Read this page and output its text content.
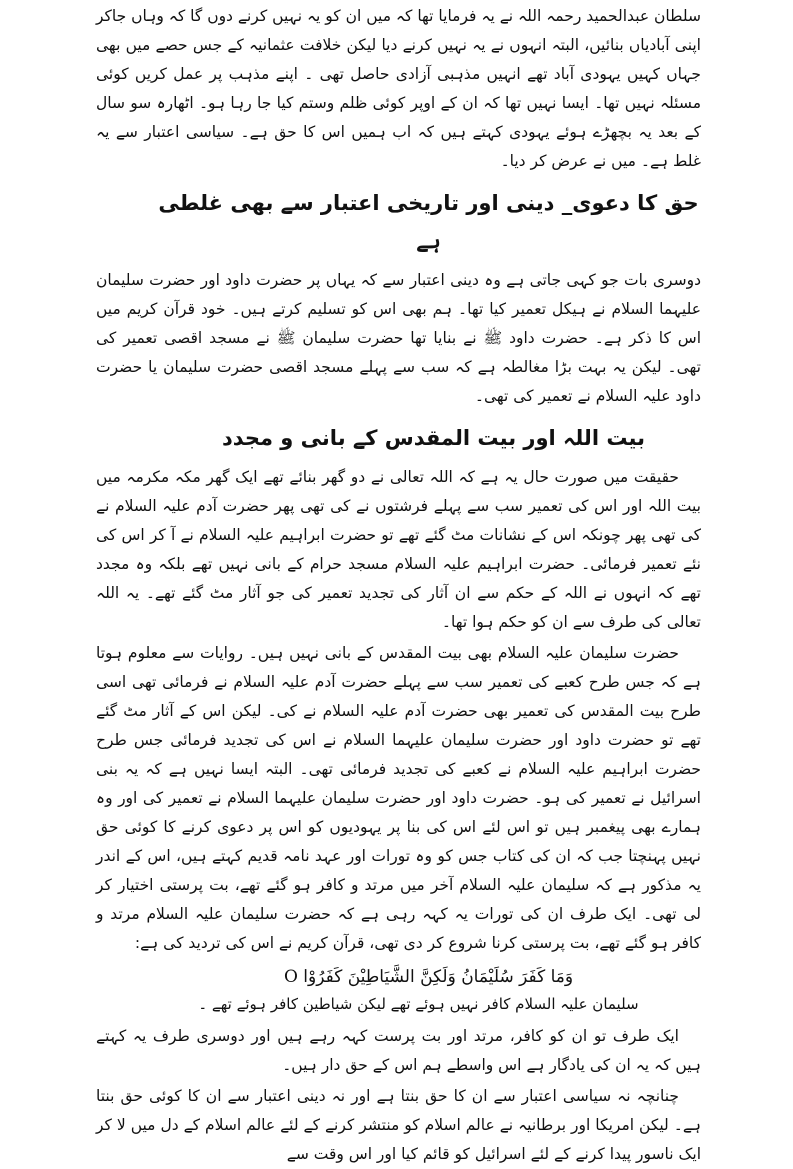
سلطان عبدالحمید رحمہ اللہ نے یہ فرمایا تھا کہ میں ان کو یہ نہیں کرنے دوں گا کہ وہاں جاکر اپنی آبادیاں بنائیں، البتہ انہوں نے یہ نہیں کرنے دیا لیکن خلافت عثمانیہ کے جس حصے میں بھی جہاں کہیں یہودی آباد تھے انہیں مذہبی آزادی حاصل تھی ۔ اپنے مذہب پر عمل کریں کوئی مسئلہ نہیں تھا۔ ایسا نہیں تھا کہ ان کے اوپر کوئی ظلم وستم کیا جا رہا ہو۔ اٹھارہ سو سال کے بعد یہ بچھڑے ہوئے یہودی کہتے ہیں کہ اب ہمیں اس کا حق ہے۔ سیاسی اعتبار سے یہ غلط ہے۔ میں نے عرض کر دیا۔

حق کا دعوی_ دینی اور تاریخی اعتبار سے بھی غلطی ہے

دوسری بات جو کہی جاتی ہے وہ دینی اعتبار سے کہ یہاں پر حضرت داود اور حضرت سلیمان علیہما السلام نے ہیکل تعمیر کیا تھا۔ ہم بھی اس کو تسلیم کرتے ہیں۔ خود قرآن کریم میں اس کا ذکر ہے۔ حضرت داود ﷺ نے بنایا تھا حضرت سلیمان ﷺ نے مسجد اقصی تعمیر کی تھی۔ لیکن یہ بہت بڑا مغالطہ ہے کہ سب سے پہلے مسجد اقصی حضرت سلیمان یا حضرت داود علیہ السلام نے تعمیر کی تھی۔

بیت اللہ اور بیت المقدس کے بانی و مجدد

حقیقت میں صورت حال یہ ہے کہ اللہ تعالی نے دو گھر بنائے تھے ایک گھر مکہ مکرمہ میں بیت اللہ اور اس کی تعمیر سب سے پہلے فرشتوں نے کی تھی پھر حضرت آدم علیہ السلام نے کی تھی پھر چونکہ اس کے نشانات مٹ گئے تھے تو حضرت ابراہیم علیہ السلام نے آ کر اس کی نئے تعمیر فرمائی۔ حضرت ابراہیم علیہ السلام مسجد حرام کے بانی نہیں تھے بلکہ وہ مجدد تھے کہ انہوں نے اللہ کے حکم سے ان آثار کی تجدید تعمیر کی جو آثار مٹ گئے تھے۔ یہ اللہ تعالی کی طرف سے ان کو حکم ہوا تھا۔

حضرت سلیمان علیہ السلام بھی بیت المقدس کے بانی نہیں ہیں۔ روایات سے معلوم ہوتا ہے کہ جس طرح کعبے کی تعمیر سب سے پہلے حضرت آدم علیہ السلام نے فرمائی تھی اسی طرح بیت المقدس کی تعمیر بھی حضرت آدم علیہ السلام نے کی۔ لیکن اس کے آثار مٹ گئے تھے تو حضرت داود اور حضرت سلیمان علیہما السلام نے اس کی تجدید فرمائی جس طرح حضرت ابراہیم علیہ السلام نے کعبے کی تجدید فرمائی تھی۔ البتہ ایسا نہیں ہے کہ یہ بنی اسرائیل نے تعمیر کی ہو۔ حضرت داود اور حضرت سلیمان علیہما السلام نے تعمیر کی اور وہ ہمارے بھی پیغمبر ہیں تو اس لئے اس کی بنا پر یہودیوں کو اس پر دعوی کرنے کا کوئی حق نہیں پہنچتا جب کہ ان کی کتاب جس کو وہ تورات اور عہد نامہ قدیم کہتے ہیں، اس کے اندر یہ مذکور ہے کہ سلیمان علیہ السلام آخر میں مرتد و کافر ہو گئے تھے، بت پرستی اختیار کر لی تھی۔ ایک طرف ان کی تورات یہ کہہ رہی ہے کہ حضرت سلیمان علیہ السلام مرتد و کافر ہو گئے تھے، بت پرستی کرنا شروع کر دی تھی، قرآن کریم نے اس کی تردید کی ہے:

وَمَا كَفَرَ سُلَيْمَانُ وَلَكِنَّ الشَّيَاطِيْنَ كَفَرُوْا O
سلیمان علیہ السلام کافر نہیں ہوئے تھے لیکن شیاطین کافر ہوئے تھے ۔

ایک طرف تو ان کو کافر، مرتد اور بت پرست کہہ رہے ہیں اور دوسری طرف یہ کہتے ہیں کہ یہ ان کی یادگار ہے اس واسطے ہم اس کے حق دار ہیں۔

چنانچہ نہ سیاسی اعتبار سے ان کا حق بنتا ہے اور نہ دینی اعتبار سے ان کا کوئی حق بنتا ہے۔ لیکن امریکا اور برطانیہ نے عالم اسلام کو منتشر کرنے کے لئے عالم اسلام کے دل میں لا کر ایک ناسور پیدا کرنے کے لئے اسرائیل کو قائم کیا اور اس وقت سے
